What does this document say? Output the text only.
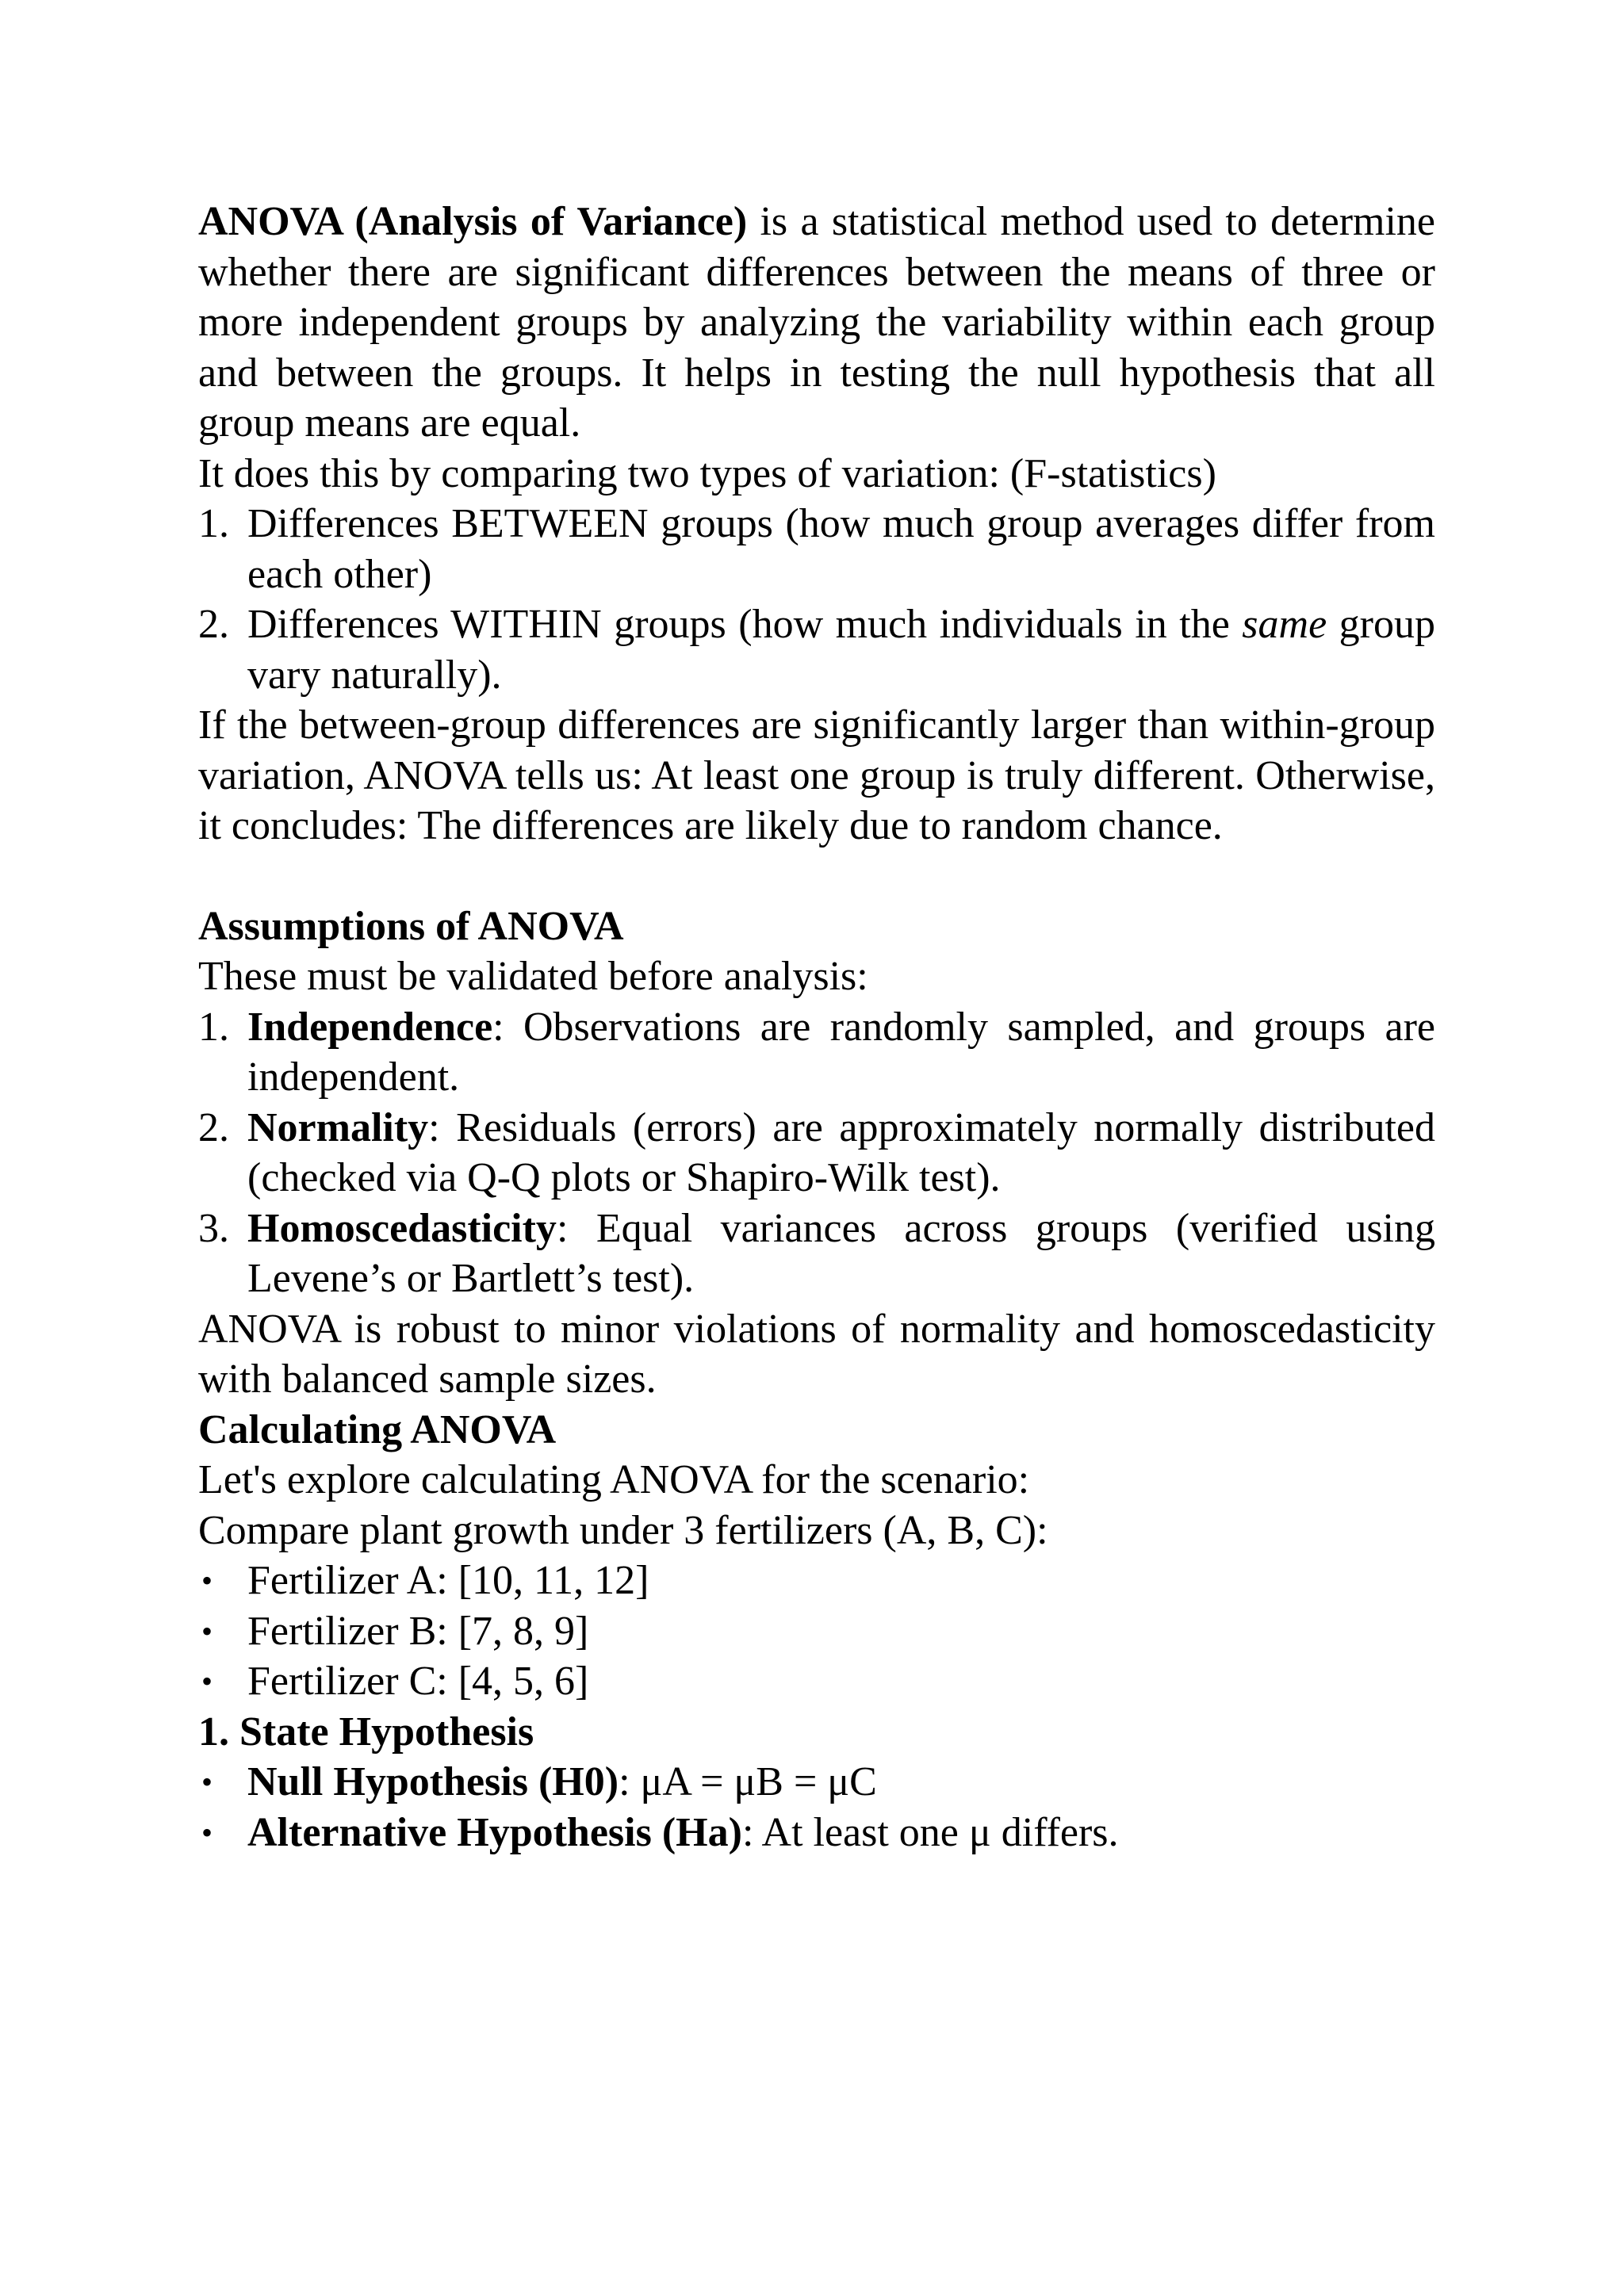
ANOVA (Analysis of Variance) is a statistical method used to determine whether there are significant differences between the means of three or more independent groups by analyzing the variability within each group and between the groups. It helps in testing the null hypothesis that all group means are equal.

It does this by comparing two types of variation: (F-statistics)

1. Differences BETWEEN groups (how much group averages differ from each other)
2. Differences WITHIN groups (how much individuals in the same group vary naturally).

If the between-group differences are significantly larger than within-group variation, ANOVA tells us: At least one group is truly different. Otherwise, it concludes: The differences are likely due to random chance.

Assumptions of ANOVA

These must be validated before analysis:

1. Independence: Observations are randomly sampled, and groups are independent.
2. Normality: Residuals (errors) are approximately normally distributed (checked via Q-Q plots or Shapiro-Wilk test).
3. Homoscedasticity: Equal variances across groups (verified using Levene’s or Bartlett’s test).

ANOVA is robust to minor violations of normality and homoscedasticity with balanced sample sizes.

Calculating ANOVA

Let's explore calculating ANOVA for the scenario:

Compare plant growth under 3 fertilizers (A, B, C):

• Fertilizer A: [10, 11, 12]
• Fertilizer B: [7, 8, 9]
• Fertilizer C: [4, 5, 6]
1. State Hypothesis
• Null Hypothesis (H0): μA = μB = μC
• Alternative Hypothesis (Ha): At least one μ differs.
